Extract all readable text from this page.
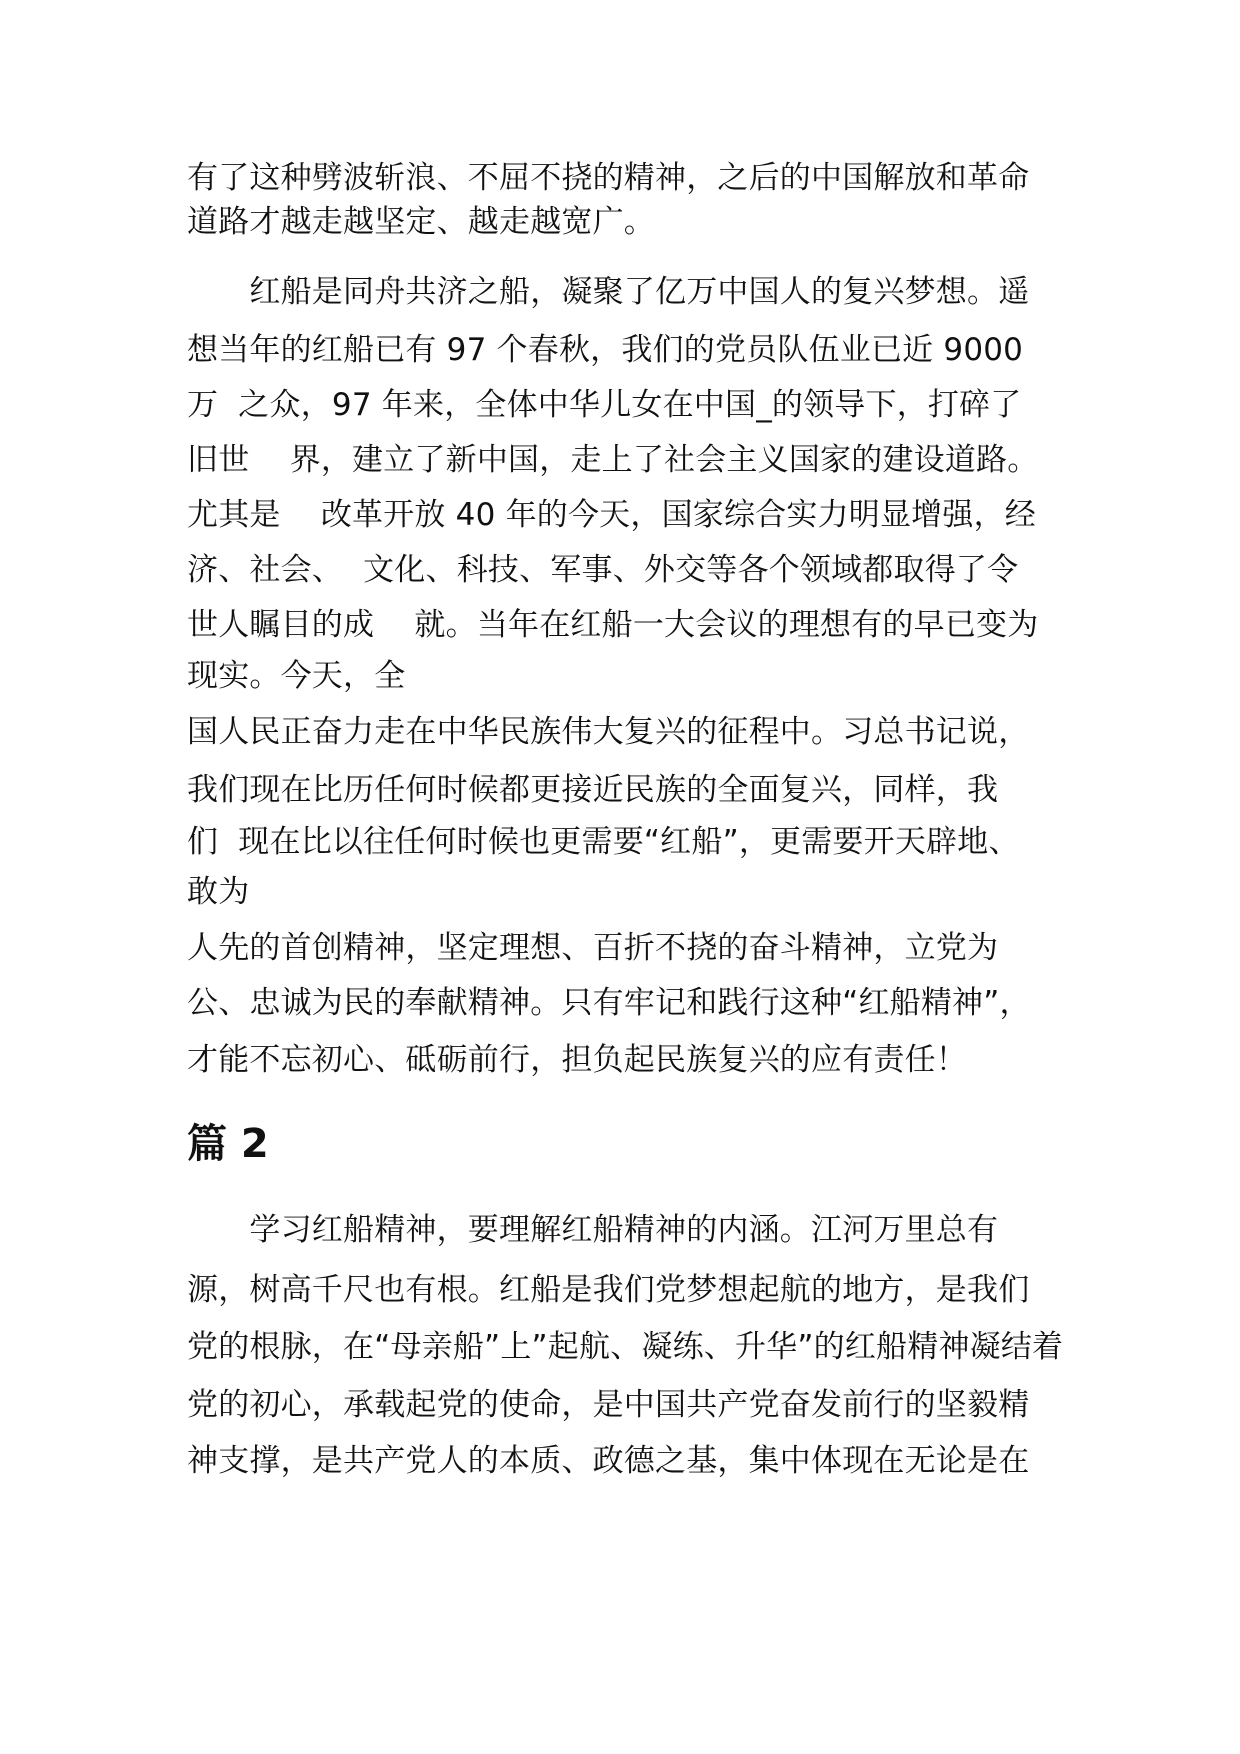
有了这种劈波斩浪、不屈不挠的精神，之后的中国解放和革命
道路才越走越坚定、越走越宽广。
　　红船是同舟共济之船，凝聚了亿万中国人的复兴梦想。遥
想当年的红船已有 97 个春秋，我们的党员队伍业已近 9000
万  之众，97 年来，全体中华儿女在中国_的领导下，打碎了
旧世    界，建立了新中国，走上了社会主义国家的建设道路。
尤其是    改革开放 40 年的今天，国家综合实力明显增强，经
济、社会、  文化、科技、军事、外交等各个领域都取得了令
世人瞩目的成    就。当年在红船一大会议的理想有的早已变为
现实。今天，全
国人民正奋力走在中华民族伟大复兴的征程中。习总书记说，
我们现在比历任何时候都更接近民族的全面复兴，同样，我
们  现在比以往任何时候也更需要“红船”，更需要开天辟地、
敢为
人先的首创精神，坚定理想、百折不挠的奋斗精神，立党为
公、忠诚为民的奉献精神。只有牢记和践行这种“红船精神”，
才能不忘初心、砥砺前行，担负起民族复兴的应有责任！
篇 2
　　学习红船精神，要理解红船精神的内涵。江河万里总有
源，树高千尺也有根。红船是我们党梦想起航的地方，是我们
党的根脉，在“母亲船”上”起航、凝练、升华”的红船精神凝结着
党的初心，承载起党的使命，是中国共产党奋发前行的坚毅精
神支撑，是共产党人的本质、政德之基，集中体现在无论是在
